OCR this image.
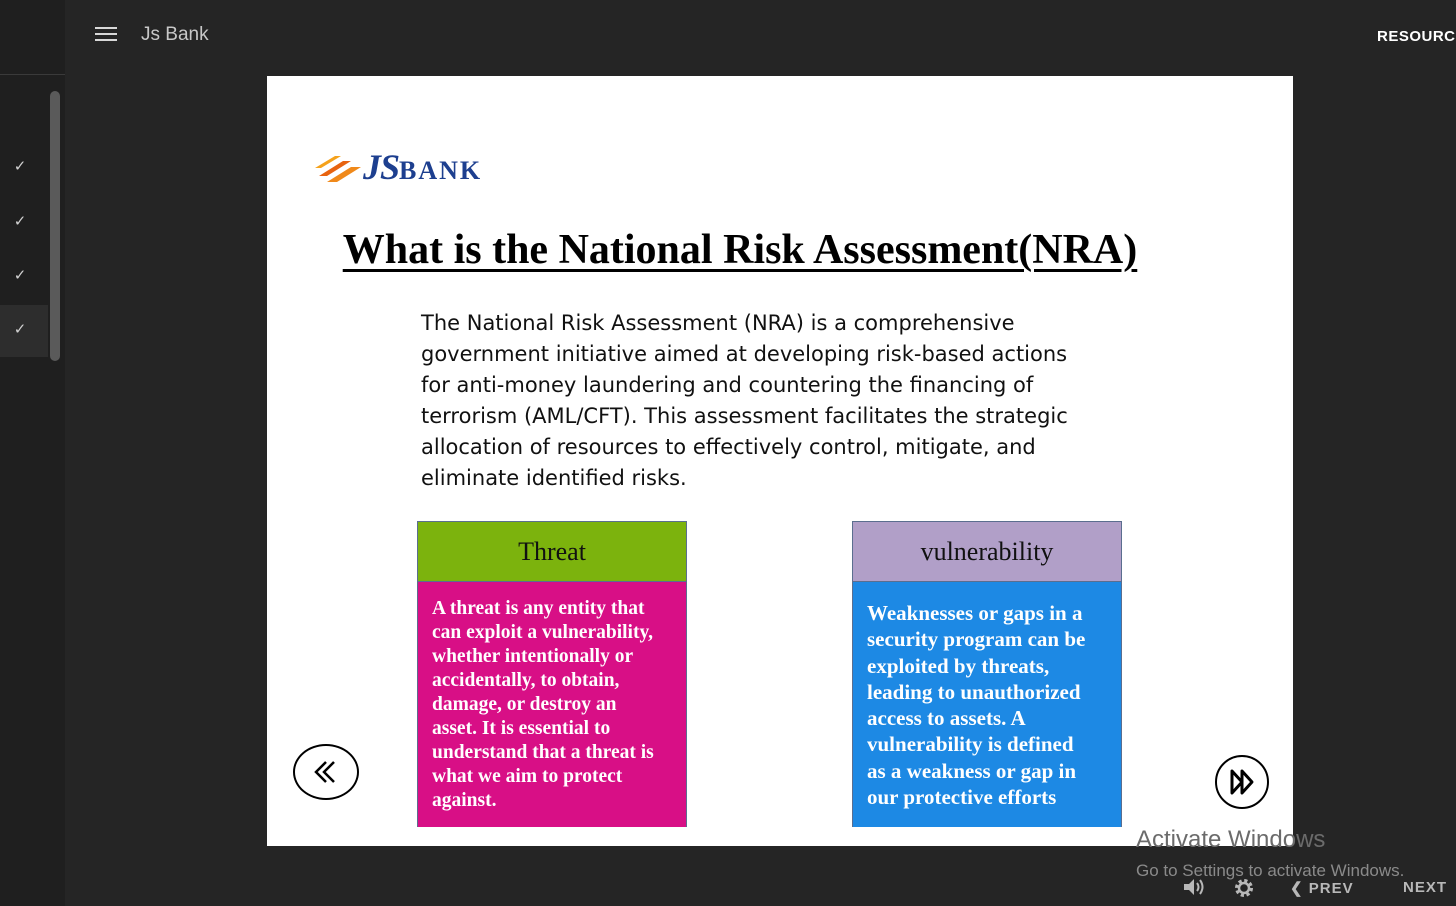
✓
✓
✓
✓
Js Bank	RESOURC
JSBANK
What is the National Risk Assessment(NRA)
The National Risk Assessment (NRA) is a comprehensive
government initiative aimed at developing risk-based actions
for anti-money laundering and countering the financing of
terrorism (AML/CFT). This assessment facilitates the strategic
allocation of resources to effectively control, mitigate, and
eliminate identified risks.
Threat
A threat is any entity that
can exploit a vulnerability,
whether intentionally or
accidentally, to obtain,
damage, or destroy an
asset. It is essential to
understand that a threat is
what we aim to protect
against.
vulnerability
Weaknesses or gaps in a
security program can be
exploited by threats,
leading to unauthorized
access to assets. A
vulnerability is defined
as a weakness or gap in
our protective efforts
Activate Windows
Go to Settings to activate Windows.
❮ PREV	NEXT
